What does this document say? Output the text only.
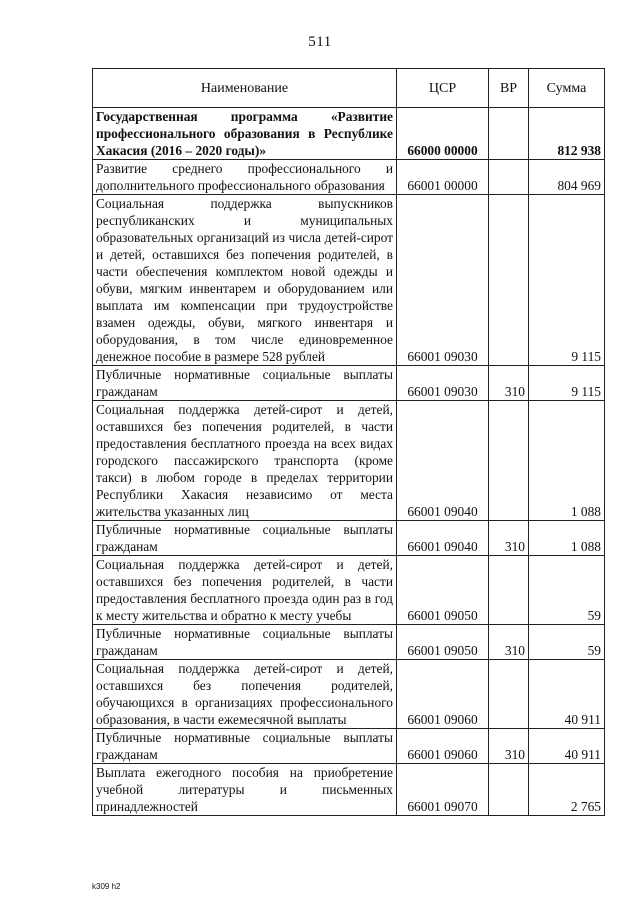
511
Наименование	ЦСР	ВР	Сумма
Государственная программа «Развитие профессионального образования в Республике Хакасия (2016 – 2020 годы)»	66000 00000		812 938
Развитие среднего профессионального и дополнительного профессионального образования	66001 00000		804 969
Социальная поддержка выпускников республиканских и муниципальных образовательных организаций из числа детей-сирот и детей, оставшихся без попечения родителей, в части обеспечения комплектом новой одежды и обуви, мягким инвентарем и оборудованием или выплата им компенсации при трудоустройстве взамен одежды, обуви, мягкого инвентаря и оборудования, в том числе единовременное денежное пособие в размере 528 рублей	66001 09030		9 115
Публичные нормативные социальные выплаты гражданам	66001 09030	310	9 115
Социальная поддержка детей-сирот и детей, оставшихся без попечения родителей, в части предоставления бесплатного проезда на всех видах городского пассажирского транспорта (кроме такси) в любом городе в пределах территории Республики Хакасия независимо от места жительства указанных лиц	66001 09040		1 088
Публичные нормативные социальные выплаты гражданам	66001 09040	310	1 088
Социальная поддержка детей-сирот и детей, оставшихся без попечения родителей, в части предоставления бесплатного проезда один раз в год к месту жительства и обратно к месту учебы	66001 09050		59
Публичные нормативные социальные выплаты гражданам	66001 09050	310	59
Социальная поддержка детей-сирот и детей, оставшихся без попечения родителей, обучающихся в организациях профессионального образования, в части ежемесячной выплаты	66001 09060		40 911
Публичные нормативные социальные выплаты гражданам	66001 09060	310	40 911
Выплата ежегодного пособия на приобретение учебной литературы и письменных принадлежностей	66001 09070		2 765
k309 h2
